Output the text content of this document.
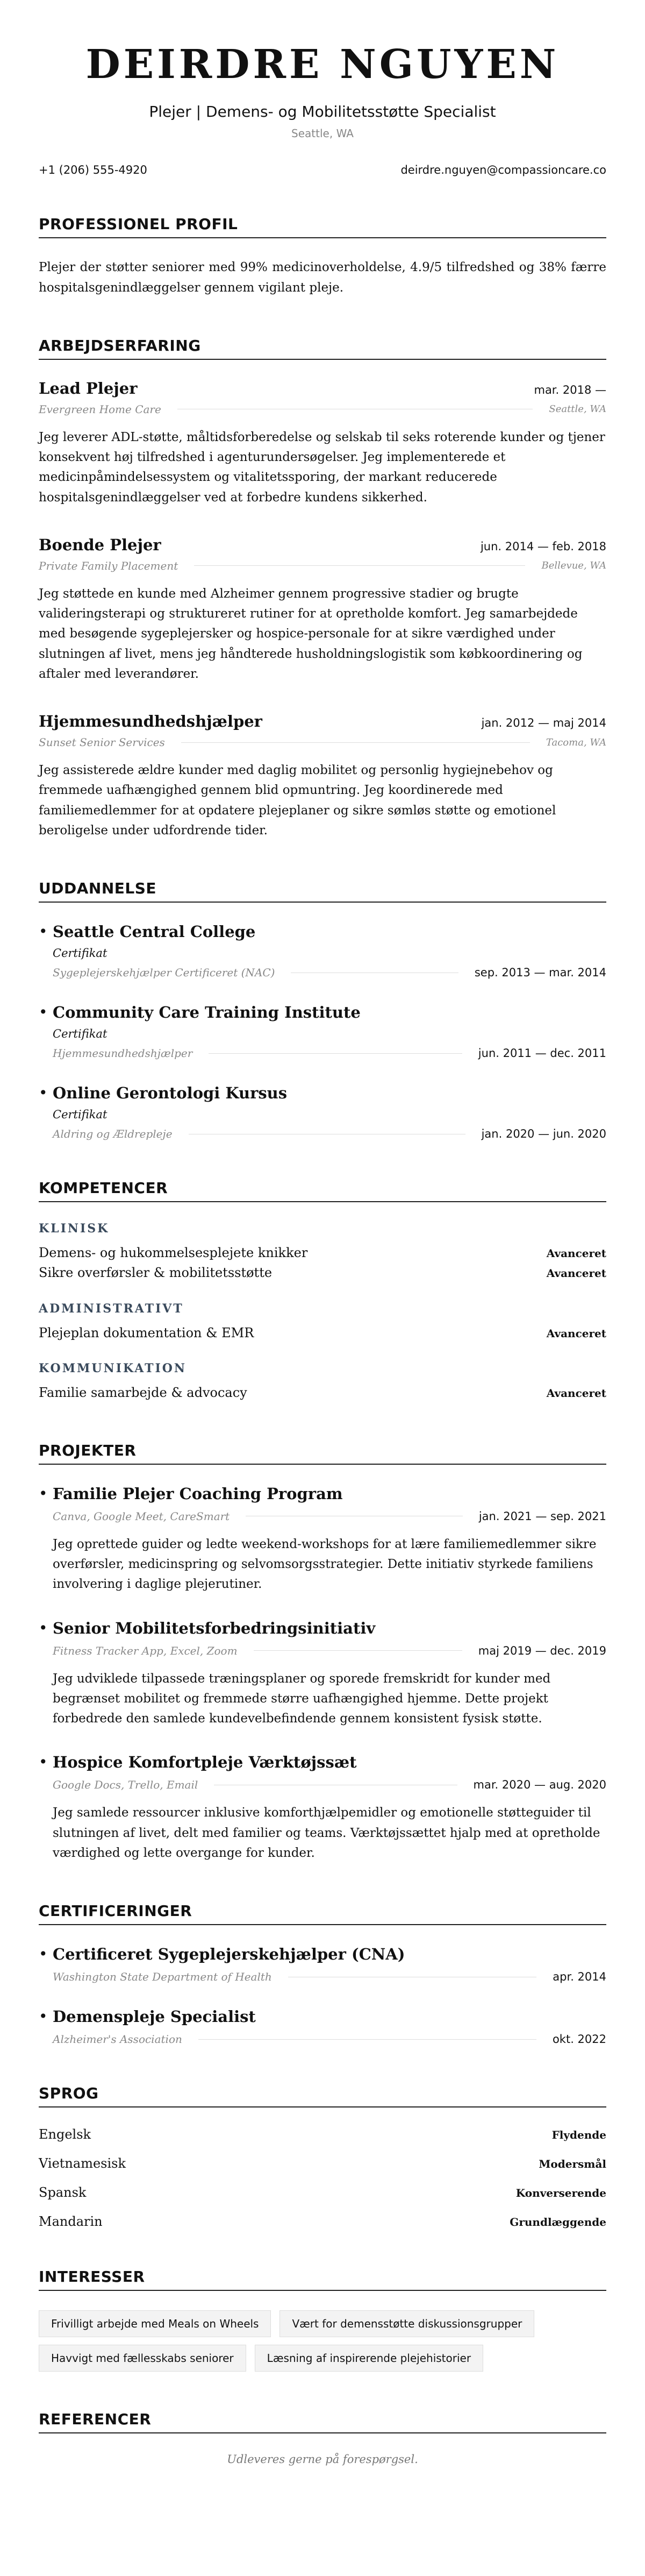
DEIRDRE NGUYEN
Plejer | Demens- og Mobilitetsstøtte Specialist
Seattle, WA
+1 (206) 555-4920	deirdre.nguyen@compassioncare.co
PROFESSIONEL PROFIL

Plejer der støtter seniorer med 99% medicinoverholdelse, 4.9/5 tilfredshed og 38% færre hospitalsgenindlæggelser gennem vigilant pleje.

ARBEJDSERFARING
Lead Plejer	mar. 2018 —
Evergreen Home Care	Seattle, WA

Jeg leverer ADL-støtte, måltidsforberedelse og selskab til seks roterende kunder og tjener konsekvent høj tilfredshed i agenturundersøgelser. Jeg implementerede et medicinpåmindelsessystem og vitalitetssporing, der markant reducerede hospitalsgenindlæggelser ved at forbedre kundens sikkerhed.

Boende Plejer	jun. 2014 — feb. 2018
Private Family Placement	Bellevue, WA

Jeg støttede en kunde med Alzheimer gennem progressive stadier og brugte valideringsterapi og struktureret rutiner for at opretholde komfort. Jeg samarbejdede med besøgende sygeplejersker og hospice-personale for at sikre værdighed under slutningen af livet, mens jeg håndterede husholdningslogistik som købkoordinering og aftaler med leverandører.

Hjemmesundhedshjælper	jan. 2012 — maj 2014
Sunset Senior Services	Tacoma, WA

Jeg assisterede ældre kunder med daglig mobilitet og personlig hygiejnebehov og fremmede uafhængighed gennem blid opmuntring. Jeg koordinerede med familiemedlemmer for at opdatere plejeplaner og sikre sømløs støtte og emotionel beroligelse under udfordrende tider.

UDDANNELSE
• Seattle Central College
Certifikat
Sygeplejerskehjælper Certificeret (NAC)	sep. 2013 — mar. 2014
• Community Care Training Institute
Certifikat
Hjemmesundhedshjælper	jun. 2011 — dec. 2011
• Online Gerontologi Kursus
Certifikat
Aldring og Ældrepleje	jan. 2020 — jun. 2020
KOMPETENCER
KLINISK
Demens- og hukommelsesplejete knikker	Avanceret
Sikre overførsler & mobilitetsstøtte	Avanceret
ADMINISTRATIVT
Plejeplan dokumentation & EMR	Avanceret
KOMMUNIKATION
Familie samarbejde & advocacy	Avanceret
PROJEKTER
• Familie Plejer Coaching Program
Canva, Google Meet, CareSmart	jan. 2021 — sep. 2021

Jeg oprettede guider og ledte weekend-workshops for at lære familiemedlemmer sikre overførsler, medicinspring og selvomsorgsstrategier. Dette initiativ styrkede familiens involvering i daglige plejerutiner.

• Senior Mobilitetsforbedringsinitiativ
Fitness Tracker App, Excel, Zoom	maj 2019 — dec. 2019

Jeg udviklede tilpassede træningsplaner og sporede fremskridt for kunder med begrænset mobilitet og fremmede større uafhængighed hjemme. Dette projekt forbedrede den samlede kundevelbefindende gennem konsistent fysisk støtte.

• Hospice Komfortpleje Værktøjssæt
Google Docs, Trello, Email	mar. 2020 — aug. 2020

Jeg samlede ressourcer inklusive komforthjælpemidler og emotionelle støtteguider til slutningen af livet, delt med familier og teams. Værktøjssættet hjalp med at opretholde værdighed og lette overgange for kunder.

CERTIFICERINGER
• Certificeret Sygeplejerskehjælper (CNA)
Washington State Department of Health	apr. 2014
• Demenspleje Specialist
Alzheimer's Association	okt. 2022
SPROG
Engelsk	Flydende
Vietnamesisk	Modersmål
Spansk	Konverserende
Mandarin	Grundlæggende
INTERESSER
Frivilligt arbejde med Meals on Wheels	Vært for demensstøtte diskussionsgrupper
Havvigt med fællesskabs seniorer	Læsning af inspirerende plejehistorier
REFERENCER
Udleveres gerne på forespørgsel.
